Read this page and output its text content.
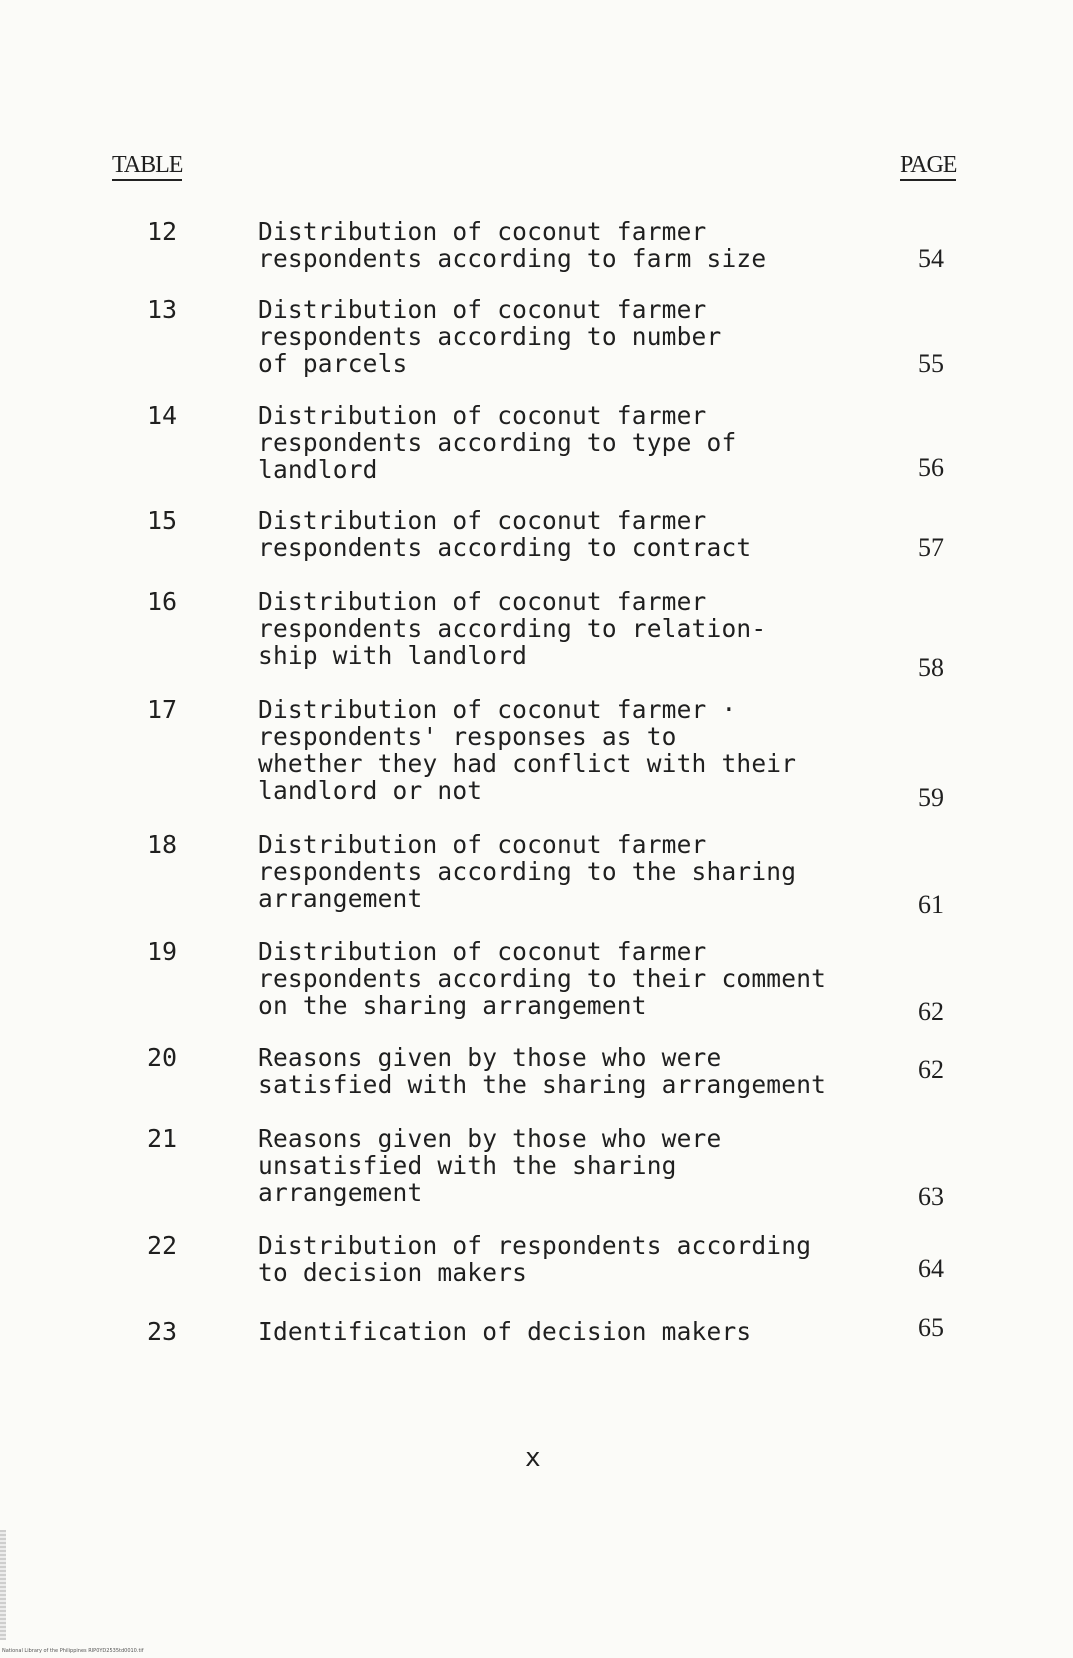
TABLE	PAGE
12	Distribution of coconut farmer
respondents according to farm size	54
13	Distribution of coconut farmer
respondents according to number
of parcels	55
14	Distribution of coconut farmer
respondents according to type of
landlord	56
15	Distribution of coconut farmer
respondents according to contract	57
16	Distribution of coconut farmer
respondents according to relation-
ship with landlord	58
17	Distribution of coconut farmer ·
respondents' responses as to
whether they had conflict with their
landlord or not	59
18	Distribution of coconut farmer
respondents according to the sharing
arrangement	61
19	Distribution of coconut farmer
respondents according to their comment
on the sharing arrangement	62
20	Reasons given by those who were
satisfied with the sharing arrangement
62
21	Reasons given by those who were
unsatisfied with the sharing
arrangement	63
22	Distribution of respondents according
to decision makers	64
23	Identification of decision makers	65
x
National Library of the Philippines RIP0YD2535td0010.tif
